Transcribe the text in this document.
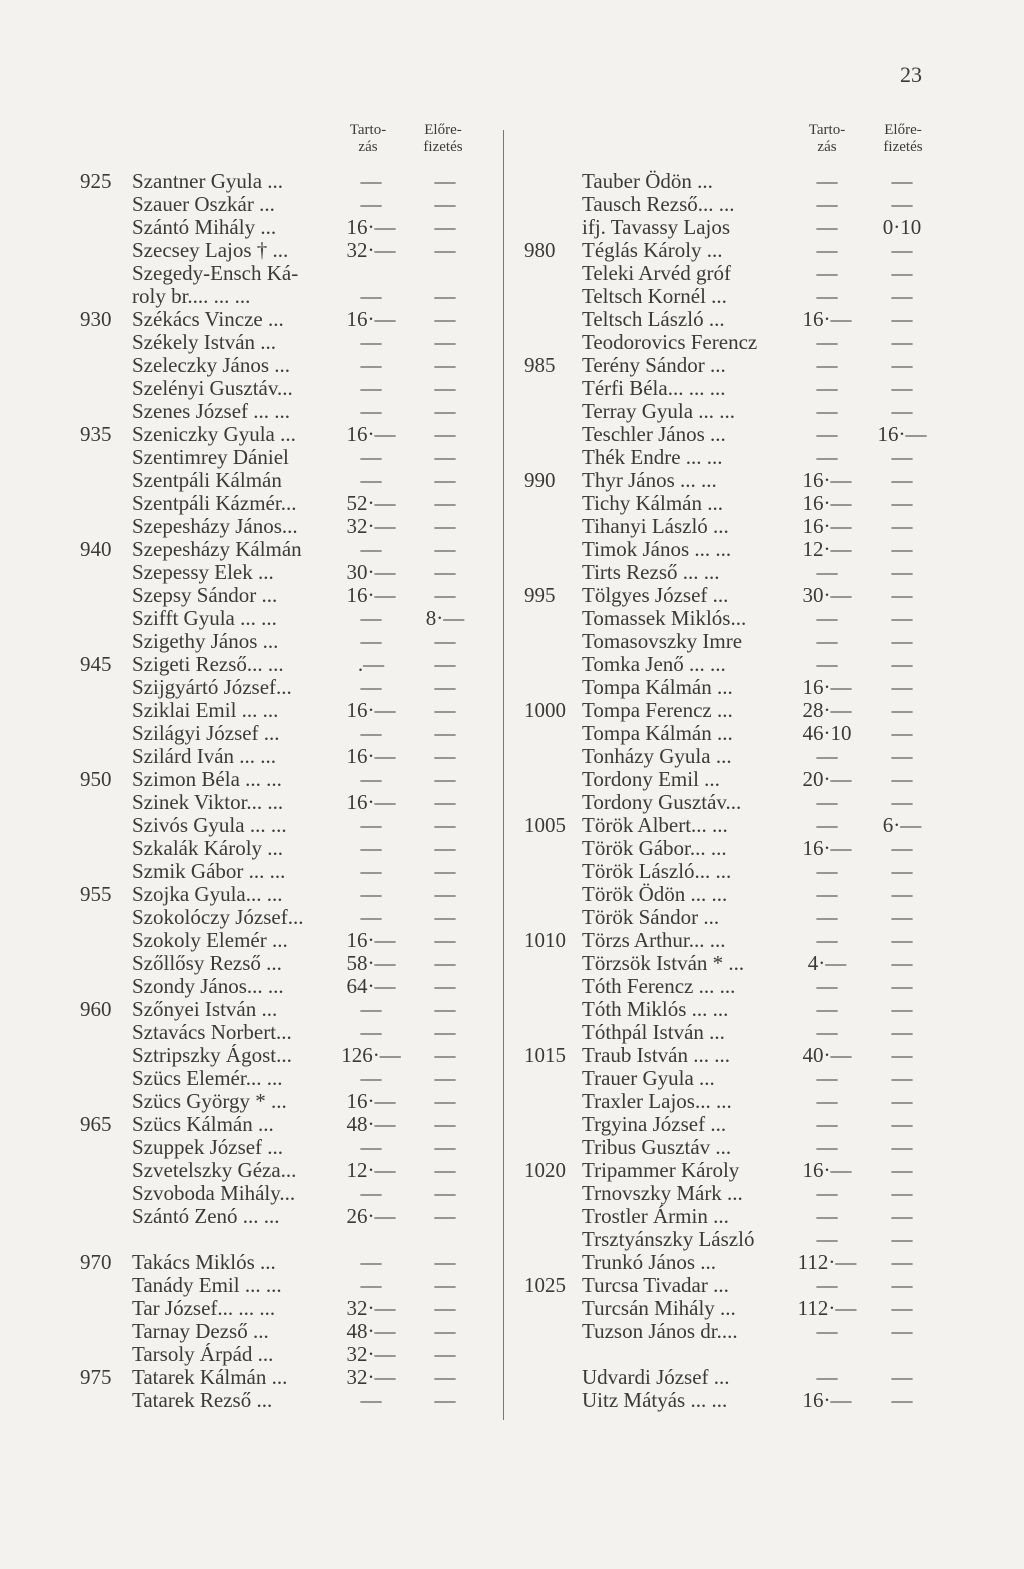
23
Tarto-
zás
Előre-
fizetés
925 Szantner Gyula ...	—	—
Szauer Oszkár ...	—	—
Szántó Mihály ...	16·—	—
Szecsey Lajos † ...	32·—	—
Szegedy-Ensch Ká-
roly br.... ... ...	—	—
930 Székács Vincze ...	16·—	—
Székely István ...	—	—
Szeleczky János ...	—	—
Szelényi Gusztáv...	—	—
Szenes József ... ...	—	—
935 Szeniczky Gyula ...	16·—	—
Szentimrey Dániel	—	—
Szentpáli Kálmán	—	—
Szentpáli Kázmér...	52·—	—
Szepesházy János...	32·—	—
940 Szepesházy Kálmán	—	—
Szepessy Elek ...	30·—	—
Szepsy Sándor ...	16·—	—
Szifft Gyula ... ...	—	8·—
Szigethy János ...	—	—
945 Szigeti Rezső... ...	.—	—
Szijgyártó József...	—	—
Sziklai Emil ... ...	16·—	—
Szilágyi József ...	—	—
Szilárd Iván ... ...	16·—	—
950 Szimon Béla ... ...	—	—
Szinek Viktor... ...	16·—	—
Szivós Gyula ... ...	—	—
Szkalák Károly ...	—	—
Szmik Gábor ... ...	—	—
955 Szojka Gyula... ...	—	—
Szokolóczy József...	—	—
Szokoly Elemér ...	16·—	—
Szőllősy Rezső ...	58·—	—
Szondy János... ...	64·—	—
960 Szőnyei István ...	—	—
Sztavács Norbert...	—	—
Sztripszky Ágost...	126·—	—
Szücs Elemér... ...	—	—
Szücs György * ...	16·—	—
965 Szücs Kálmán ...	48·—	—
Szuppek József ...	—	—
Szvetelszky Géza...	12·—	—
Szvoboda Mihály...	—	—
Szántó Zenó ... ...	26·—	—
970 Takács Miklós ...	—	—
Tanády Emil ... ...	—	—
Tar József... ... ...	32·—	—
Tarnay Dezső ...	48·—	—
Tarsoly Árpád ...	32·—	—
975 Tatarek Kálmán ...	32·—	—
Tatarek Rezső ...	—	—
Tarto-
zás
Előre-
fizetés
Tauber Ödön ...	—	—
Tausch Rezső... ...	—	—
ifj. Tavassy Lajos	—	0·10
980	Téglás Károly ...	—	—
Teleki Arvéd gróf	—	—
Teltsch Kornél ...	—	—
Teltsch László ...	16·—	—
Teodorovics Ferencz	—	—
985	Terény Sándor ...	—	—
Térfi Béla... ... ...	—	—
Terray Gyula ... ...	—	—
Teschler János ...	—	16·—
Thék Endre ... ...	—	—
990	Thyr János ... ...	16·—	—
Tichy Kálmán ...	16·—	—
Tihanyi László ...	16·—	—
Timok János ... ...	12·—	—
Tirts Rezső ... ...	—	—
995	Tölgyes József ...	30·—	—
Tomassek Miklós...	—	—
Tomasovszky Imre	—	—
Tomka Jenő ... ...	—	—
Tompa Kálmán ...	16·—	—
1000 Tompa Ferencz ...	28·—	—
Tompa Kálmán ...	46·10	—
Tonházy Gyula ...	—	—
Tordony Emil ...	20·—	—
Tordony Gusztáv...	—	—
1005 Török Albert... ...	—	6·—
Török Gábor... ...	16·—	—
Török László... ...	—	—
Török Ödön ... ...	—	—
Török Sándor ...	—	—
1010 Törzs Arthur... ...	—	—
Törzsök István * ...	4·—	—
Tóth Ferencz ... ...	—	—
Tóth Miklós ... ...	—	—
Tóthpál István ...	—	—
1015 Traub István ... ...	40·—	—
Trauer Gyula ...	—	—
Traxler Lajos... ...	—	—
Trgyina József ...	—	—
Tribus Gusztáv ...	—	—
1020 Tripammer Károly	16·—	—
Trnovszky Márk ...	—	—
Trostler Ármin ...	—	—
Trsztyánszky László	—	—
Trunkó János ...	112·—	—
1025 Turcsa Tivadar ...	—	—
Turcsán Mihály ...	112·—	—
Tuzson János dr....	—	—
Udvardi József ...	—	—
Uitz Mátyás ... ...	16·—	—
